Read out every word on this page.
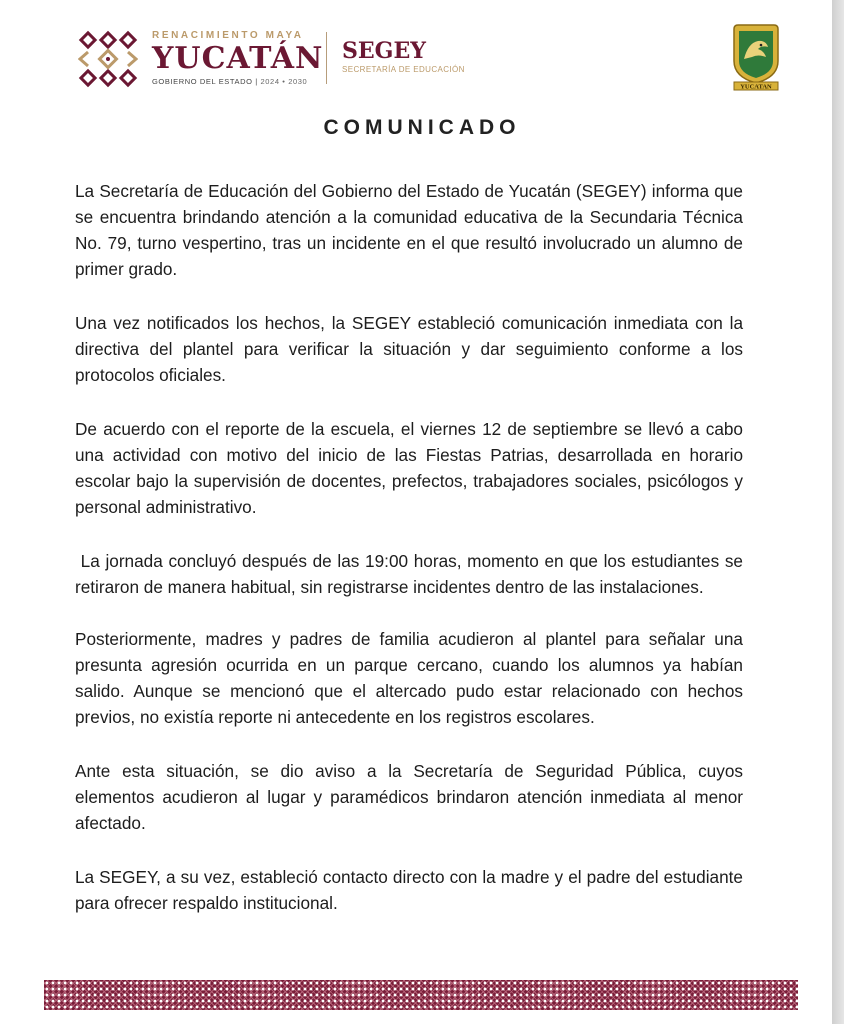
RENACIMIENTO MAYA
YUCATÁN
GOBIERNO DEL ESTADO | 2024 • 2030
SEGEY
SECRETARÍA DE EDUCACIÓN
YUCATAN
COMUNICADO

La Secretaría de Educación del Gobierno del Estado de Yucatán (SEGEY) informa que se encuentra brindando atención a la comunidad educativa de la Secundaria Técnica No. 79, turno vespertino, tras un incidente en el que resultó involucrado un alumno de primer grado.

Una vez notificados los hechos, la SEGEY estableció comunicación inmediata con la directiva del plantel para verificar la situación y dar seguimiento conforme a los protocolos oficiales.

De acuerdo con el reporte de la escuela, el viernes 12 de septiembre se llevó a cabo una actividad con motivo del inicio de las Fiestas Patrias, desarrollada en horario escolar bajo la supervisión de docentes, prefectos, trabajadores sociales, psicólogos y personal administrativo.

La jornada concluyó después de las 19:00 horas, momento en que los estudiantes se retiraron de manera habitual, sin registrarse incidentes dentro de las instalaciones.

Posteriormente, madres y padres de familia acudieron al plantel para señalar una presunta agresión ocurrida en un parque cercano, cuando los alumnos ya habían salido. Aunque se mencionó que el altercado pudo estar relacionado con hechos previos, no existía reporte ni antecedente en los registros escolares.

Ante esta situación, se dio aviso a la Secretaría de Seguridad Pública, cuyos elementos acudieron al lugar y paramédicos brindaron atención inmediata al menor afectado.

La SEGEY, a su vez, estableció contacto directo con la madre y el padre del estudiante para ofrecer respaldo institucional.
